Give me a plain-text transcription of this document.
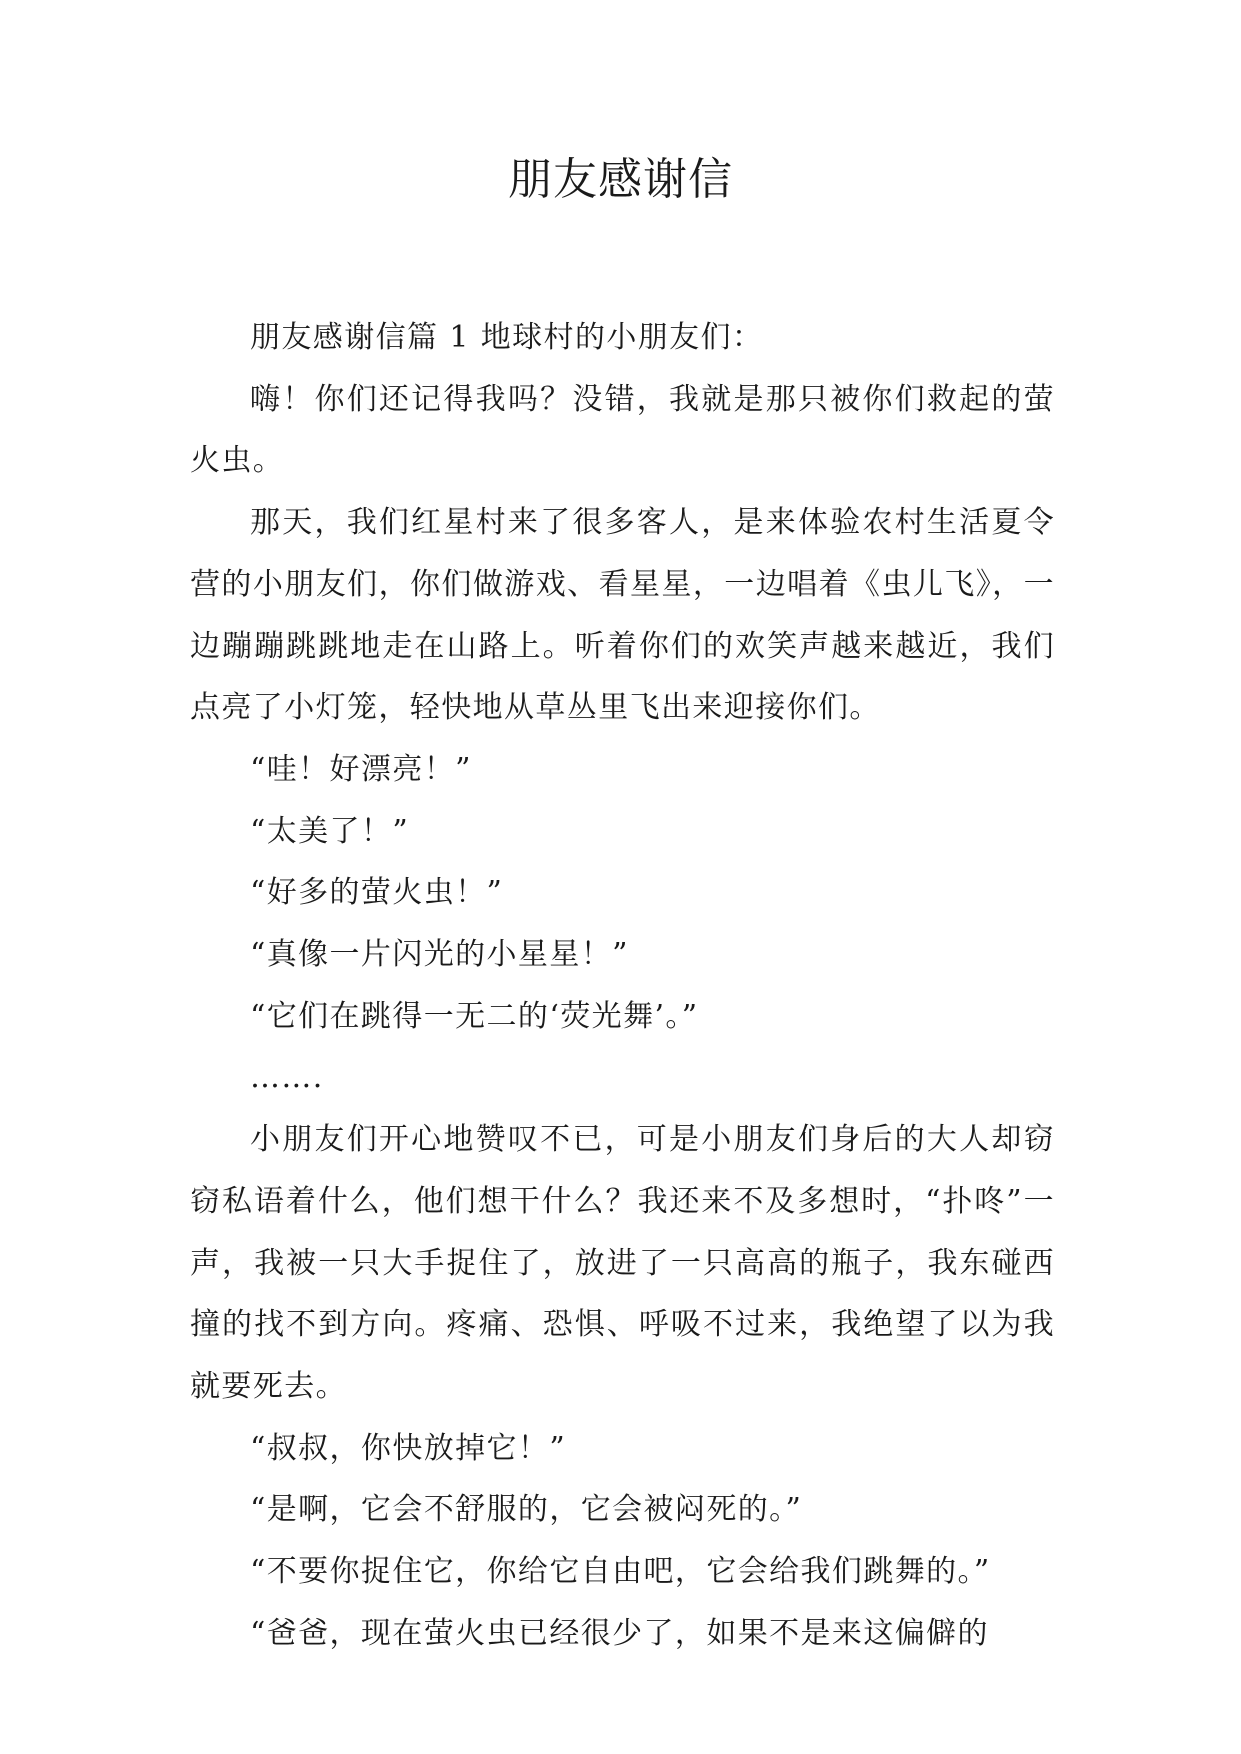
朋友感谢信

朋友感谢信篇 1 地球村的小朋友们：

嗨！你们还记得我吗？没错，我就是那只被你们救起的萤火虫。

那天，我们红星村来了很多客人，是来体验农村生活夏令营的小朋友们，你们做游戏、看星星，一边唱着《虫儿飞》，一边蹦蹦跳跳地走在山路上。听着你们的欢笑声越来越近，我们点亮了小灯笼，轻快地从草丛里飞出来迎接你们。

“哇！好漂亮！”

“太美了！”

“好多的萤火虫！”

“真像一片闪光的小星星！”

“它们在跳得一无二的‘荧光舞’。”

…….

小朋友们开心地赞叹不已，可是小朋友们身后的大人却窃窃私语着什么，他们想干什么？我还来不及多想时，“扑咚”一声，我被一只大手捉住了，放进了一只高高的瓶子，我东碰西撞的找不到方向。疼痛、恐惧、呼吸不过来，我绝望了以为我就要死去。

“叔叔，你快放掉它！”

“是啊，它会不舒服的，它会被闷死的。”

“不要你捉住它，你给它自由吧，它会给我们跳舞的。”

“爸爸，现在萤火虫已经很少了，如果不是来这偏僻的
